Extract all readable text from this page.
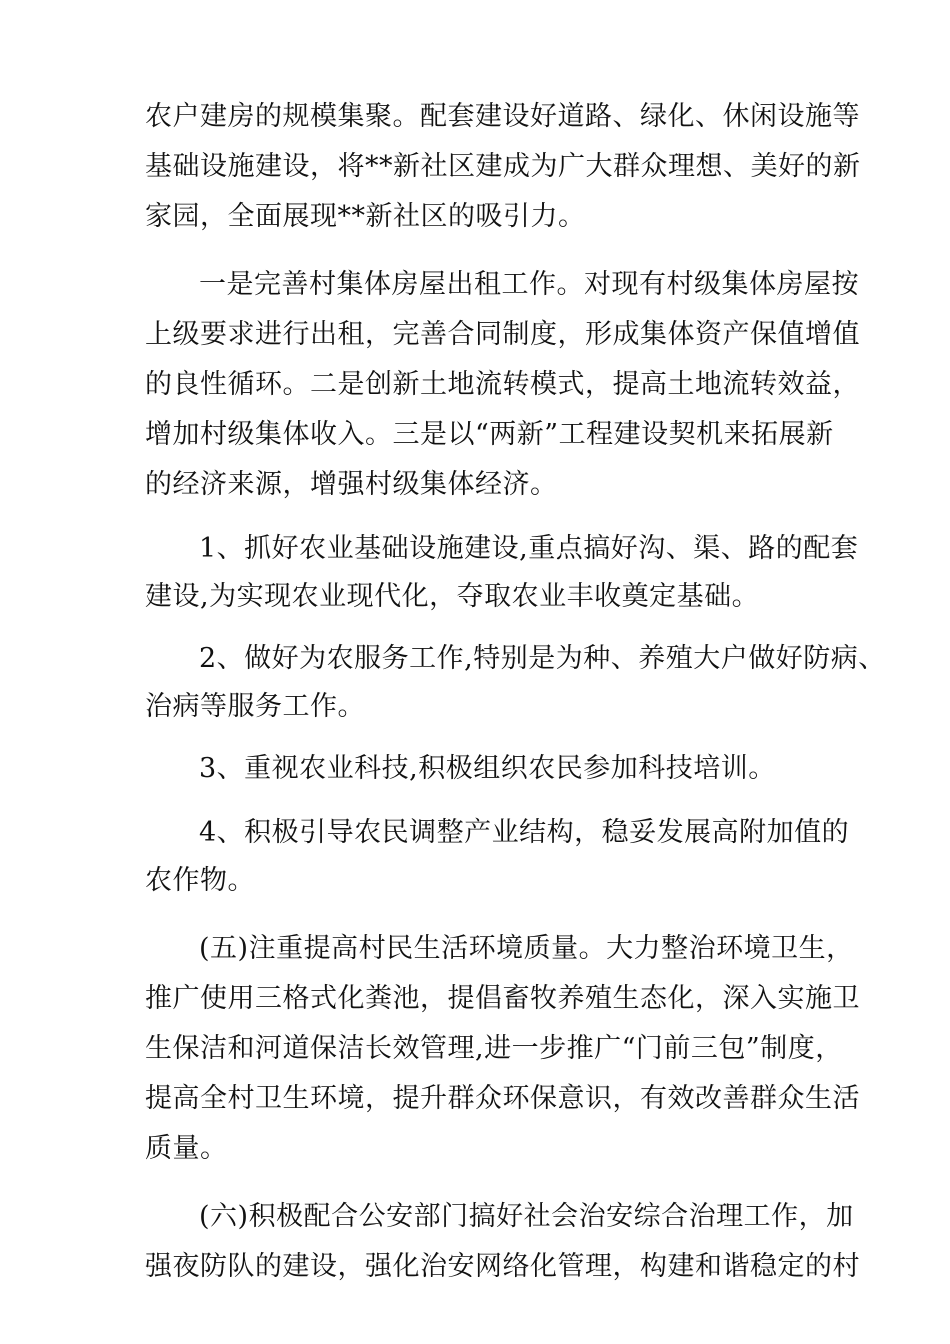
农户建房的规模集聚。配套建设好道路、绿化、休闲设施等
基础设施建设，将**新社区建成为广大群众理想、美好的新
家园，全面展现**新社区的吸引力。
一是完善村集体房屋出租工作。对现有村级集体房屋按
上级要求进行出租，完善合同制度，形成集体资产保值增值
的良性循环。二是创新土地流转模式，提高土地流转效益，
增加村级集体收入。三是以“两新”工程建设契机来拓展新
的经济来源，增强村级集体经济。
1、抓好农业基础设施建设,重点搞好沟、渠、路的配套
建设,为实现农业现代化，夺取农业丰收奠定基础。
2、做好为农服务工作,特别是为种、养殖大户做好防病、
治病等服务工作。
3、重视农业科技,积极组织农民参加科技培训。
4、积极引导农民调整产业结构，稳妥发展高附加值的
农作物。
(五)注重提高村民生活环境质量。大力整治环境卫生，
推广使用三格式化粪池，提倡畜牧养殖生态化，深入实施卫
生保洁和河道保洁长效管理,进一步推广“门前三包”制度，
提高全村卫生环境，提升群众环保意识，有效改善群众生活
质量。
(六)积极配合公安部门搞好社会治安综合治理工作，加
强夜防队的建设，强化治安网络化管理，构建和谐稳定的村
